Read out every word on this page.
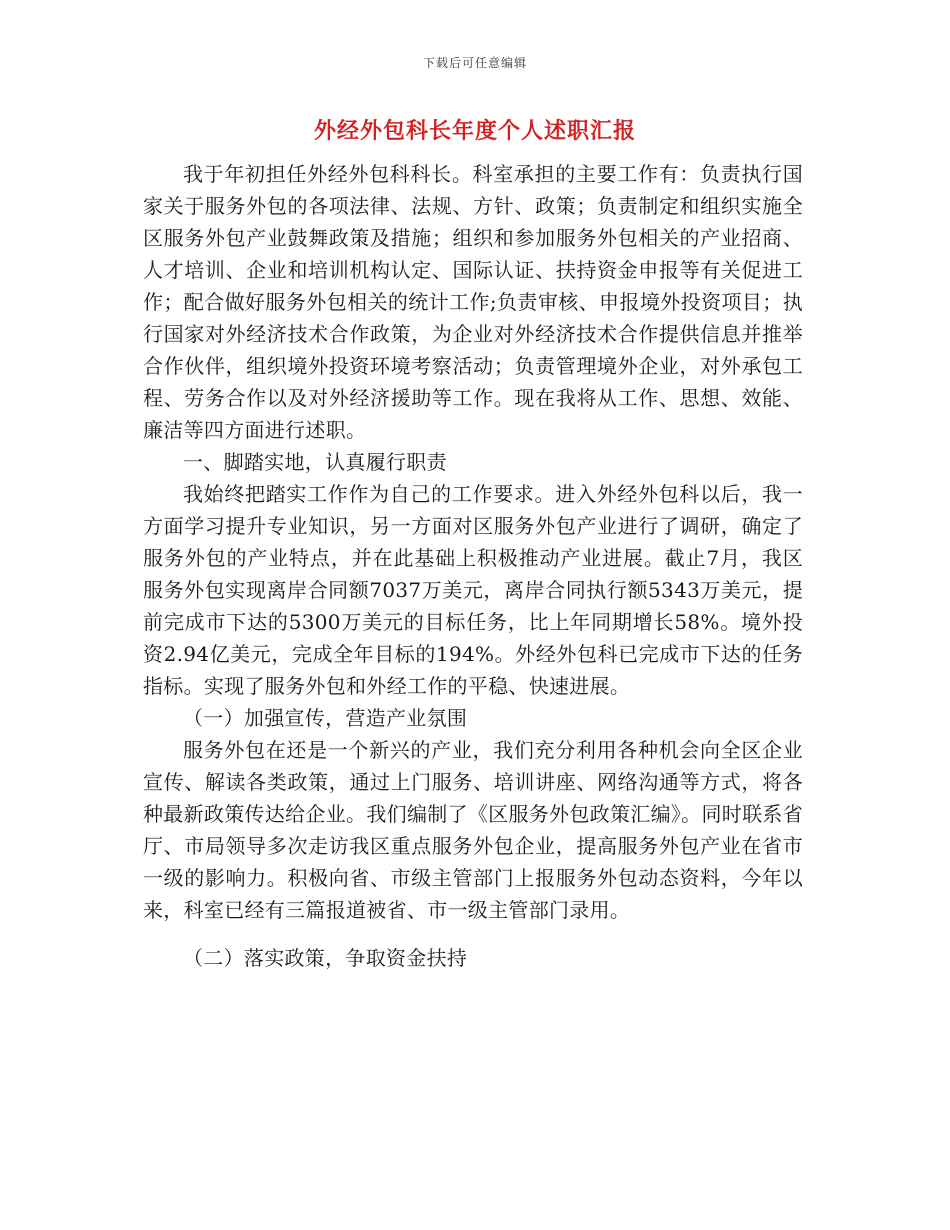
下载后可任意编辑
外经外包科长年度个人述职汇报

我于年初担任外经外包科科长。科室承担的主要工作有：负责执行国家关于服务外包的各项法律、法规、方针、政策；负责制定和组织实施全区服务外包产业鼓舞政策及措施；组织和参加服务外包相关的产业招商、人才培训、企业和培训机构认定、国际认证、扶持资金申报等有关促进工作；配合做好服务外包相关的统计工作;负责审核、申报境外投资项目；执行国家对外经济技术合作政策，为企业对外经济技术合作提供信息并推举合作伙伴，组织境外投资环境考察活动；负责管理境外企业，对外承包工程、劳务合作以及对外经济援助等工作。现在我将从工作、思想、效能、廉洁等四方面进行述职。

一、脚踏实地，认真履行职责

我始终把踏实工作作为自己的工作要求。进入外经外包科以后，我一方面学习提升专业知识，另一方面对区服务外包产业进行了调研，确定了服务外包的产业特点，并在此基础上积极推动产业进展。截止7月，我区服务外包实现离岸合同额7037万美元，离岸合同执行额5343万美元，提前完成市下达的5300万美元的目标任务，比上年同期增长58%。境外投资2.94亿美元，完成全年目标的194%。外经外包科已完成市下达的任务指标。实现了服务外包和外经工作的平稳、快速进展。

（一）加强宣传，营造产业氛围

服务外包在还是一个新兴的产业，我们充分利用各种机会向全区企业宣传、解读各类政策，通过上门服务、培训讲座、网络沟通等方式，将各种最新政策传达给企业。我们编制了《区服务外包政策汇编》。同时联系省厅、市局领导多次走访我区重点服务外包企业，提高服务外包产业在省市一级的影响力。积极向省、市级主管部门上报服务外包动态资料，今年以来，科室已经有三篇报道被省、市一级主管部门录用。

（二）落实政策，争取资金扶持
